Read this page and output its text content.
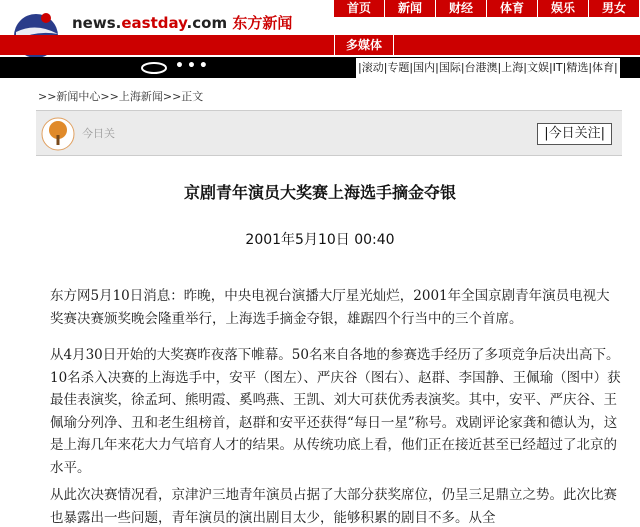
news.eastday.com 东方新闻
首页	新闻	财经	体育	娱乐	男女
多媒体
•••	|滚动|专题|国内|国际|台港澳|上海|文娱|IT|精选|体育|
>>新闻中心>>上海新闻>>正文
今日关	|今日关注|
京剧青年演员大奖赛上海选手摘金夺银
2001年5月10日 00:40
东方网5月10日消息：昨晚，中央电视台演播大厅星光灿烂，2001年全国京剧青年演员电视大奖赛决赛颁奖晚会隆重举行，上海选手摘金夺银，雄踞四个行当中的三个首席。
从4月30日开始的大奖赛昨夜落下帷幕。50名来自各地的参赛选手经历了多项竞争后决出高下。10名杀入决赛的上海选手中，安平（图左）、严庆谷（图右）、赵群、李国静、王佩瑜（图中）获最佳表演奖，徐孟珂、熊明霞、奚鸣燕、王凯、刘大可获优秀表演奖。其中，安平、严庆谷、王佩瑜分列净、丑和老生组榜首，赵群和安平还获得“每日一星”称号。戏剧评论家龚和德认为，这是上海几年来花大力气培育人才的结果。从传统功底上看，他们正在接近甚至已经超过了北京的水平。
从此次决赛情况看，京津沪三地青年演员占据了大部分获奖席位，仍呈三足鼎立之势。此次比赛也暴露出一些问题，青年演员的演出剧目太少，能够积累的剧目不多。从全
